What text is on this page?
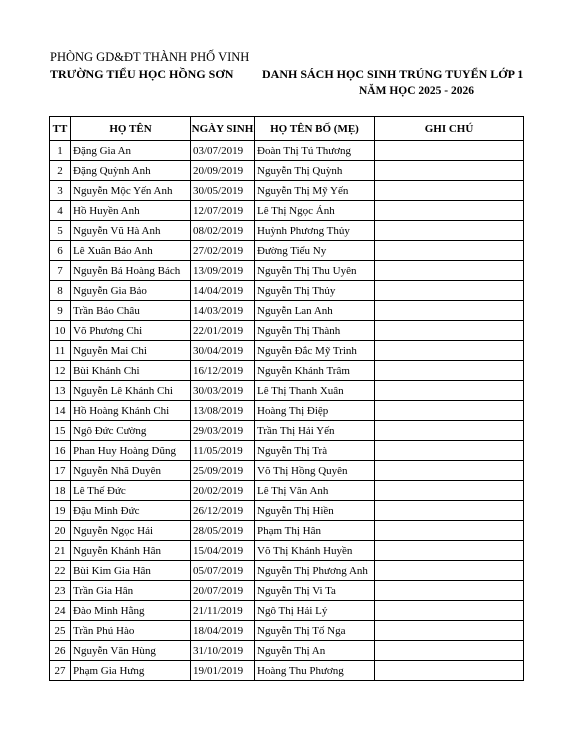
PHÒNG GD&ĐT THÀNH PHỐ VINH
TRƯỜNG TIỂU HỌC HỒNG SƠN DANH SÁCH HỌC SINH TRÚNG TUYỂN LỚP 1
NĂM HỌC 2025 - 2026
TT	HỌ TÊN	NGÀY SINH	HỌ TÊN BỐ (MẸ)	GHI CHÚ
1	Đặng Gia An	03/07/2019	Đoàn Thị Tú Thương	
2	Đặng Quỳnh Anh	20/09/2019	Nguyễn Thị Quỳnh	
3	Nguyễn Mộc Yến Anh	30/05/2019	Nguyễn Thị Mỹ Yến	
4	Hồ Huyền Anh	12/07/2019	Lê Thị Ngọc Ánh	
5	Nguyễn Vũ Hà Anh	08/02/2019	Huỳnh Phương Thủy	
6	Lê Xuân Bảo Anh	27/02/2019	Đường Tiểu Ny	
7	Nguyễn Bá Hoàng Bách	13/09/2019	Nguyễn Thị Thu Uyên	
8	Nguyễn Gia Bảo	14/04/2019	Nguyễn Thị Thủy	
9	Trần Bảo Châu	14/03/2019	Nguyễn Lan Anh	
10	Võ Phương Chi	22/01/2019	Nguyễn Thị Thành	
11	Nguyễn Mai Chi	30/04/2019	Nguyễn Đắc Mỹ Trinh	
12	Bùi Khánh Chi	16/12/2019	Nguyễn Khánh Trâm	
13	Nguyễn Lê Khánh Chi	30/03/2019	Lê Thị Thanh Xuân	
14	Hồ Hoàng Khánh Chi	13/08/2019	Hoàng Thị Điệp	
15	Ngô Đức Cường	29/03/2019	Trần Thị Hải Yến	
16	Phan Huy Hoàng Dũng	11/05/2019	Nguyễn Thị Trà	
17	Nguyễn Nhã Duyên	25/09/2019	Võ Thị Hồng Quyên	
18	Lê Thế Đức	20/02/2019	Lê Thị Vân Anh	
19	Đậu Minh Đức	26/12/2019	Nguyễn Thị Hiền	
20	Nguyễn Ngọc Hải	28/05/2019	Phạm Thị Hân	
21	Nguyễn Khánh Hân	15/04/2019	Võ Thị Khánh Huyền	
22	Bùi Kim Gia Hân	05/07/2019	Nguyễn Thị Phương Anh	
23	Trần Gia Hân	20/07/2019	Nguyễn Thị Vi Ta	
24	Đào Minh Hằng	21/11/2019	Ngô Thị Hải Lý	
25	Trần Phú Hào	18/04/2019	Nguyễn Thị Tố Nga	
26	Nguyễn Văn Hùng	31/10/2019	Nguyễn Thị An	
27	Phạm Gia Hưng	19/01/2019	Hoàng Thu Phương	
